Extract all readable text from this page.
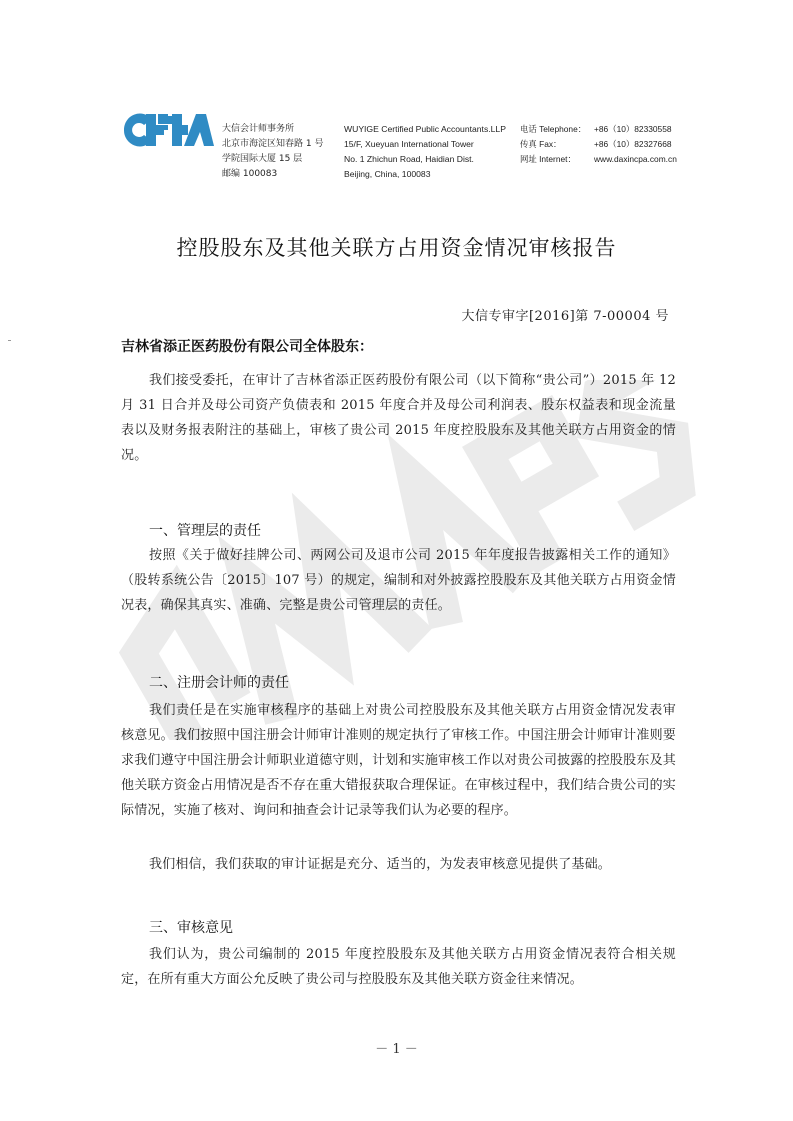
大信会计师事务所
北京市海淀区知春路 1 号
学院国际大厦 15 层
邮编 100083
WUYIGE Certified Public Accountants.LLP
15/F, Xueyuan International Tower
No. 1 Zhichun Road, Haidian Dist.
Beijing, China, 100083
电话 Telephone： +86（10）82330558
传真 Fax：	+86（10）82327668
网址 Internet： www.daxincpa.com.cn
控股股东及其他关联方占用资金情况审核报告
大信专审字[2016]第 7-00004 号
吉林省添正医药股份有限公司全体股东：
我们接受委托，在审计了吉林省添正医药股份有限公司（以下简称“贵公司”）2015 年 12 月 31 日合并及母公司资产负债表和 2015 年度合并及母公司利润表、股东权益表和现金流量表以及财务报表附注的基础上，审核了贵公司 2015 年度控股股东及其他关联方占用资金的情况。
一、管理层的责任
按照《关于做好挂牌公司、两网公司及退市公司 2015 年年度报告披露相关工作的通知》（股转系统公告〔2015〕107 号）的规定，编制和对外披露控股股东及其他关联方占用资金情况表，确保其真实、准确、完整是贵公司管理层的责任。
二、注册会计师的责任
我们责任是在实施审核程序的基础上对贵公司控股股东及其他关联方占用资金情况发表审核意见。我们按照中国注册会计师审计准则的规定执行了审核工作。中国注册会计师审计准则要求我们遵守中国注册会计师职业道德守则，计划和实施审核工作以对贵公司披露的控股股东及其他关联方资金占用情况是否不存在重大错报获取合理保证。在审核过程中，我们结合贵公司的实际情况，实施了核对、询问和抽查会计记录等我们认为必要的程序。
我们相信，我们获取的审计证据是充分、适当的，为发表审核意见提供了基础。
三、审核意见
我们认为，贵公司编制的 2015 年度控股股东及其他关联方占用资金情况表符合相关规定，在所有重大方面公允反映了贵公司与控股股东及其他关联方资金往来情况。
－ 1 －
